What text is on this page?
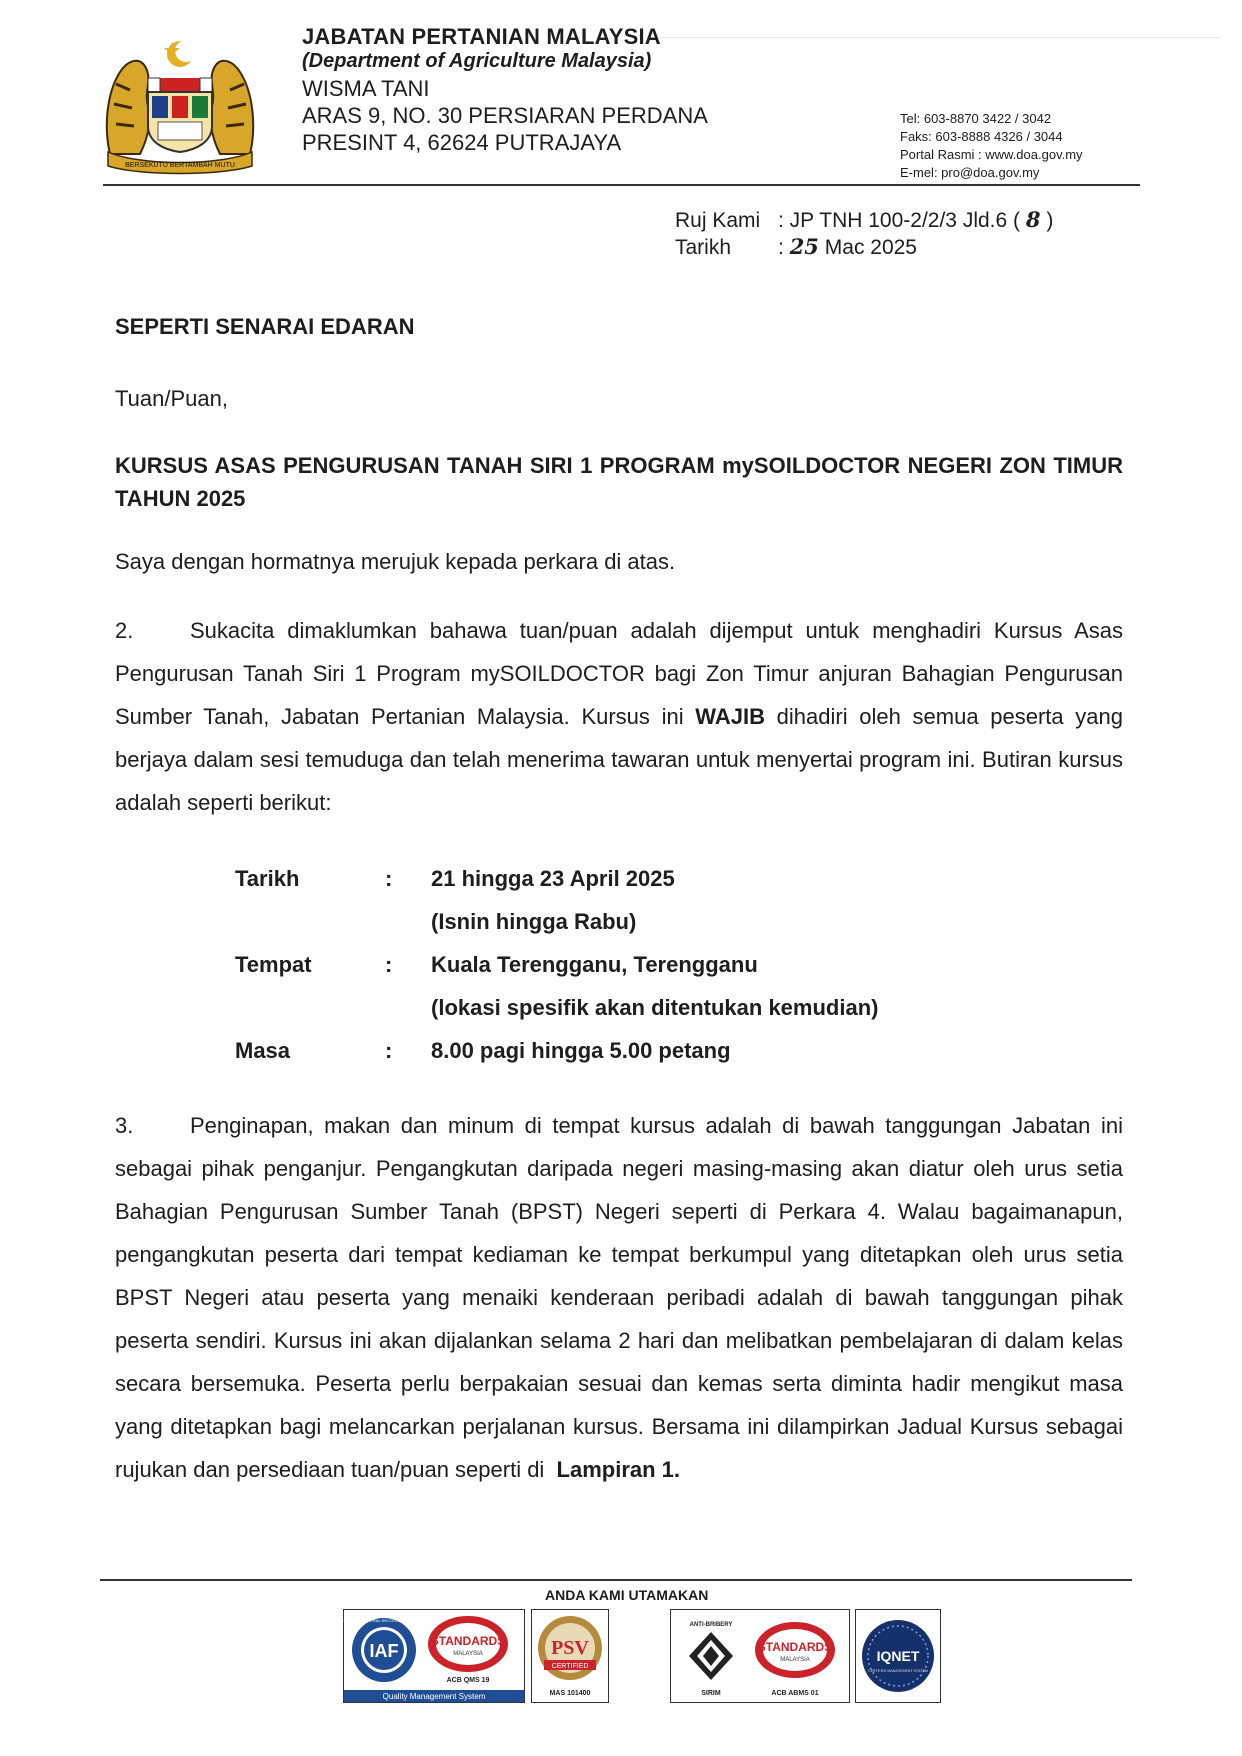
BERSEKUTU BERTAMBAH MUTU
JABATAN PERTANIAN MALAYSIA
(Department of Agriculture Malaysia)
WISMA TANI
ARAS 9, NO. 30 PERSIARAN PERDANA
PRESINT 4, 62624 PUTRAJAYA
Tel: 603-8870 3422 / 3042
Faks: 603-8888 4326 / 3044
Portal Rasmi : www.doa.gov.my
E-mel: pro@doa.gov.my
Ruj Kami : JP TNH 100-2/2/3 Jld.6 ( 8 )
Tarikh : 25 Mac 2025
SEPERTI SENARAI EDARAN
Tuan/Puan,
KURSUS ASAS PENGURUSAN TANAH SIRI 1 PROGRAM mySOILDOCTOR NEGERI ZON TIMUR TAHUN 2025
Saya dengan hormatnya merujuk kepada perkara di atas.
2.	Sukacita dimaklumkan bahawa tuan/puan adalah dijemput untuk menghadiri Kursus Asas Pengurusan Tanah Siri 1 Program mySOILDOCTOR bagi Zon Timur anjuran Bahagian Pengurusan Sumber Tanah, Jabatan Pertanian Malaysia. Kursus ini WAJIB dihadiri oleh semua peserta yang berjaya dalam sesi temuduga dan telah menerima tawaran untuk menyertai program ini. Butiran kursus adalah seperti berikut:
Tarikh	: 21 hingga 23 April 2025
(Isnin hingga Rabu)
Tempat	: Kuala Terengganu, Terengganu
(lokasi spesifik akan ditentukan kemudian)
Masa	: 8.00 pagi hingga 5.00 petang
3.	Penginapan, makan dan minum di tempat kursus adalah di bawah tanggungan Jabatan ini sebagai pihak penganjur. Pengangkutan daripada negeri masing-masing akan diatur oleh urus setia Bahagian Pengurusan Sumber Tanah (BPST) Negeri seperti di Perkara 4. Walau bagaimanapun, pengangkutan peserta dari tempat kediaman ke tempat berkumpul yang ditetapkan oleh urus setia BPST Negeri atau peserta yang menaiki kenderaan peribadi adalah di bawah tanggungan pihak peserta sendiri. Kursus ini akan dijalankan selama 2 hari dan melibatkan pembelajaran di dalam kelas secara bersemuka. Peserta perlu berpakaian sesuai dan kemas serta diminta hadir mengikut masa yang ditetapkan bagi melancarkan perjalanan kursus. Bersama ini dilampirkan Jadual Kursus sebagai rujukan dan persediaan tuan/puan seperti di Lampiran 1.
ANDA KAMI UTAMAKAN
IAF
MEMBER OF MULTILATERAL RECOGNITION ARRANGEMENT
STANDARDS
MALAYSIA
ACB QMS 19
Quality Management System
PSV
CERTIFIED
MAS 101400
ANTI-BRIBERY
SIRIM
STANDARDS
MALAYSIA
ACB ABMS 01
IQNET
CERTIFIED MANAGEMENT SYSTEM
